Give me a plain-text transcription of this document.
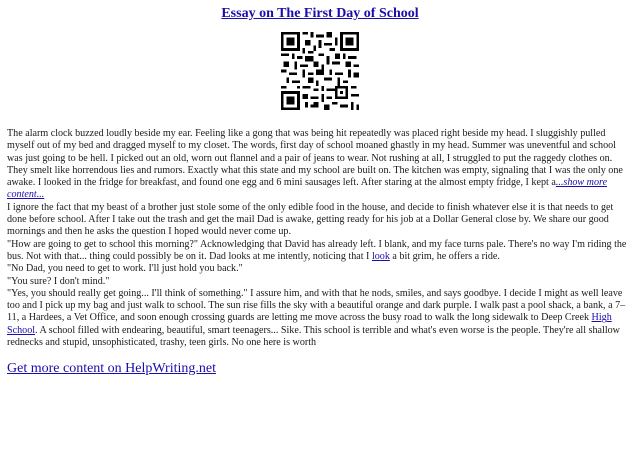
Essay on The First Day of School

The alarm clock buzzed loudly beside my ear. Feeling like a gong that was being hit repeatedly was placed right beside my head. I sluggishly pulled myself out of my bed and dragged myself to my closet. The words, first day of school moaned ghastly in my head. Summer was uneventful and school was just going to be hell. I picked out an old, worn out flannel and a pair of jeans to wear. Not rushing at all, I struggled to put the raggedy clothes on. They smelt like horrendous lies and rumors. Exactly what this state and my school are built on. The kitchen was empty, signaling that I was the only one awake. I looked in the fridge for breakfast, and found one egg and 6 mini sausages left. After staring at the almost empty fridge, I kept a...show more content...

I ignore the fact that my beast of a brother just stole some of the only edible food in the house, and decide to finish whatever else it is that needs to get done before school. After I take out the trash and get the mail Dad is awake, getting ready for his job at a Dollar General close by. We share our good mornings and then he asks the question I hoped would never come up.

"How are going to get to school this morning?" Acknowledging that David has already left. I blank, and my face turns pale. There's no way I'm riding the bus. Not with that... thing could possibly be on it. Dad looks at me intently, noticing that I look a bit grim, he offers a ride.

"No Dad, you need to get to work. I'll just hold you back."

"You sure? I don't mind."

"Yes, you should really get going... I'll think of something." I assure him, and with that he nods, smiles, and says goodbye. I decide I might as well leave too and I pick up my bag and just walk to school. The sun rise fills the sky with a beautiful orange and dark purple. I walk past a pool shack, a bank, a 7–11, a Hardees, a Vet Office, and soon enough crossing guards are letting me move across the busy road to walk the long sidewalk to Deep Creek High School. A school filled with endearing, beautiful, smart teenagers... Sike. This school is terrible and what's even worse is the people. They're all shallow rednecks and stupid, unsophisticated, trashy, teen girls. No one here is worth

Get more content on HelpWriting.net
